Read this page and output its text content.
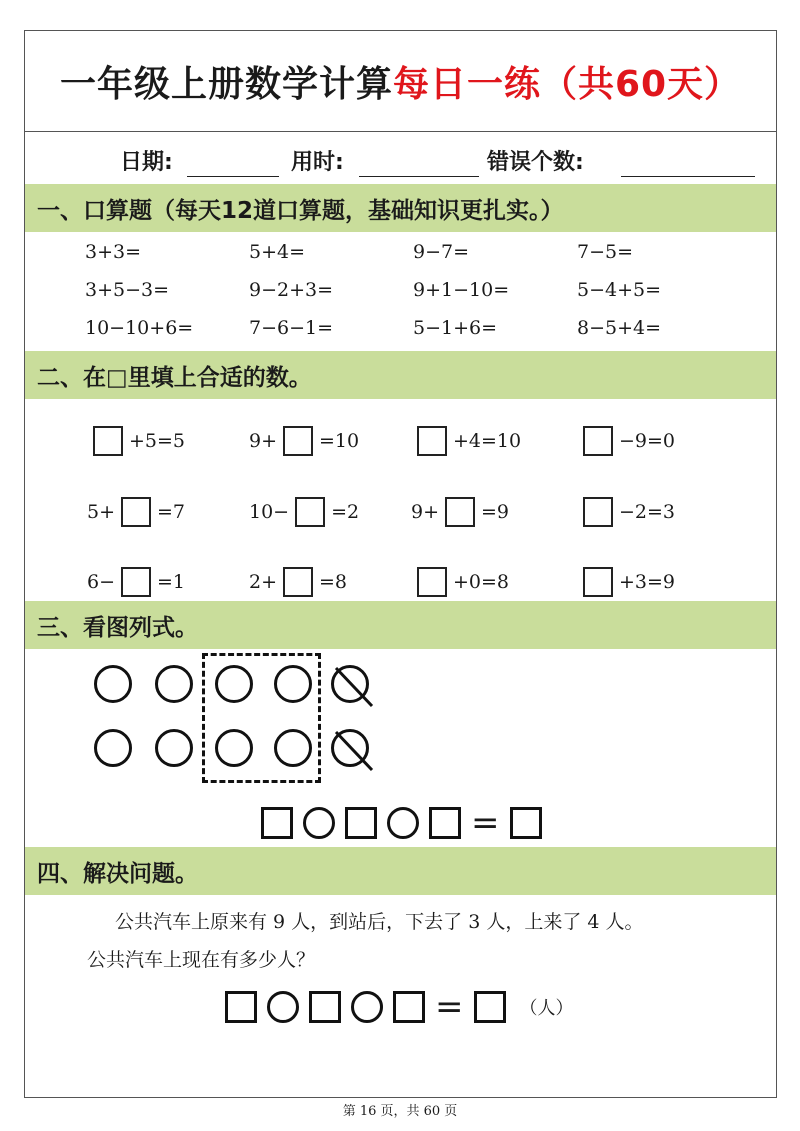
一年级上册数学计算 每日一练（共60天）
日期:	用时:	错误个数:
一、口算题（每天12道口算题，基础知识更扎实。）
3+3=	5+4=	9−7=	7−5=
3+5−3=	9−2+3=	9+1−10=	5−4+5=
10−10+6=	7−6−1=	5−1+6=	8−5+4=
二、在□里填上合适的数。
+5=5	9+ =10	+4=10	−9=0
5+ =7	10− =2	9+ =9	−2=3
6− =1	2+ =8	+0=8	+3=9
三、看图列式。
=
四、解决问题。
公共汽车上原来有 9 人，到站后，下去了 3 人，上来了 4 人。
公共汽车上现在有多少人？
=	（人）
第 16 页，共 60 页
